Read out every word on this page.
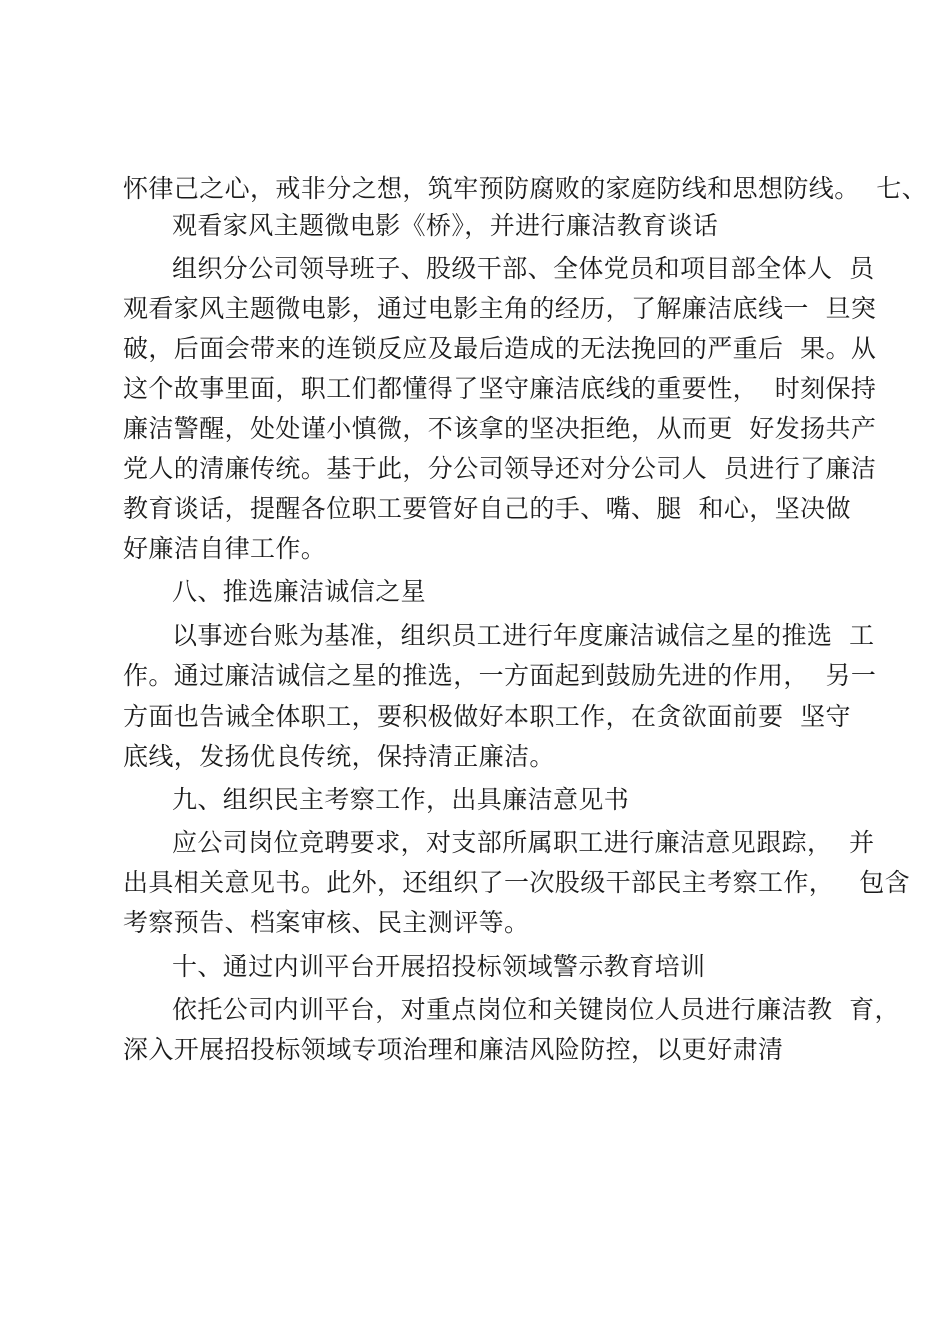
怀律己之心，戒非分之想，筑牢预防腐败的家庭防线和思想防线。  七、
观看家风主题微电影《桥》，并进行廉洁教育谈话
组织分公司领导班子、股级干部、全体党员和项目部全体人  员
观看家风主题微电影，通过电影主角的经历，了解廉洁底线一  旦突
破，后面会带来的连锁反应及最后造成的无法挽回的严重后  果。从
这个故事里面，职工们都懂得了坚守廉洁底线的重要性，  时刻保持
廉洁警醒，处处谨小慎微，不该拿的坚决拒绝，从而更  好发扬共产
党人的清廉传统。基于此，分公司领导还对分公司人  员进行了廉洁
教育谈话，提醒各位职工要管好自己的手、嘴、腿  和心，坚决做
好廉洁自律工作。
八、推选廉洁诚信之星
以事迹台账为基准，组织员工进行年度廉洁诚信之星的推选  工
作。通过廉洁诚信之星的推选，一方面起到鼓励先进的作用，  另一
方面也告诫全体职工，要积极做好本职工作，在贪欲面前要  坚守
底线，发扬优良传统，保持清正廉洁。
九、组织民主考察工作，出具廉洁意见书
应公司岗位竞聘要求，对支部所属职工进行廉洁意见跟踪，  并
出具相关意见书。此外，还组织了一次股级干部民主考察工作，   包含
考察预告、档案审核、民主测评等。
十、通过内训平台开展招投标领域警示教育培训
依托公司内训平台，对重点岗位和关键岗位人员进行廉洁教  育，
深入开展招投标领域专项治理和廉洁风险防控，以更好肃清
